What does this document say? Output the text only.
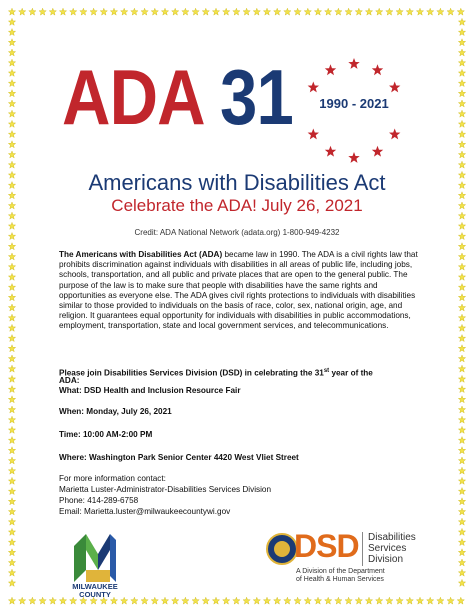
ADA 31	1990 - 2021
Americans with Disabilities Act
Celebrate the ADA! July 26, 2021
Credit: ADA National Network (adata.org) 1-800-949-4232
The Americans with Disabilities Act (ADA) became law in 1990. The ADA is a civil rights law that prohibits discrimination against individuals with disabilities in all areas of public life, including jobs, schools, transportation, and all public and private places that are open to the general public. The purpose of the law is to make sure that people with disabilities have the same rights and opportunities as everyone else. The ADA gives civil rights protections to individuals with disabilities similar to those provided to individuals on the basis of race, color, sex, national origin, age, and religion. It guarantees equal opportunity for individuals with disabilities in public accommodations, employment, transportation, state and local government services, and telecommunications.
Please join Disabilities Services Division (DSD) in celebrating the 31st year of the
ADA:
What: DSD Health and Inclusion Resource Fair
When: Monday, July 26, 2021
Time: 10:00 AM-2:00 PM
Where: Washington Park Senior Center 4420 West Vliet Street
For more information contact:
Marietta Luster-Administrator-Disabilities Services Division
Phone: 414-289-6758
Email: Marietta.luster@milwaukeecountywi.gov
MILWAUKEE
COUNTY
DSD Disabilities
Services
Division
A Division of the Department
of Health & Human Services
